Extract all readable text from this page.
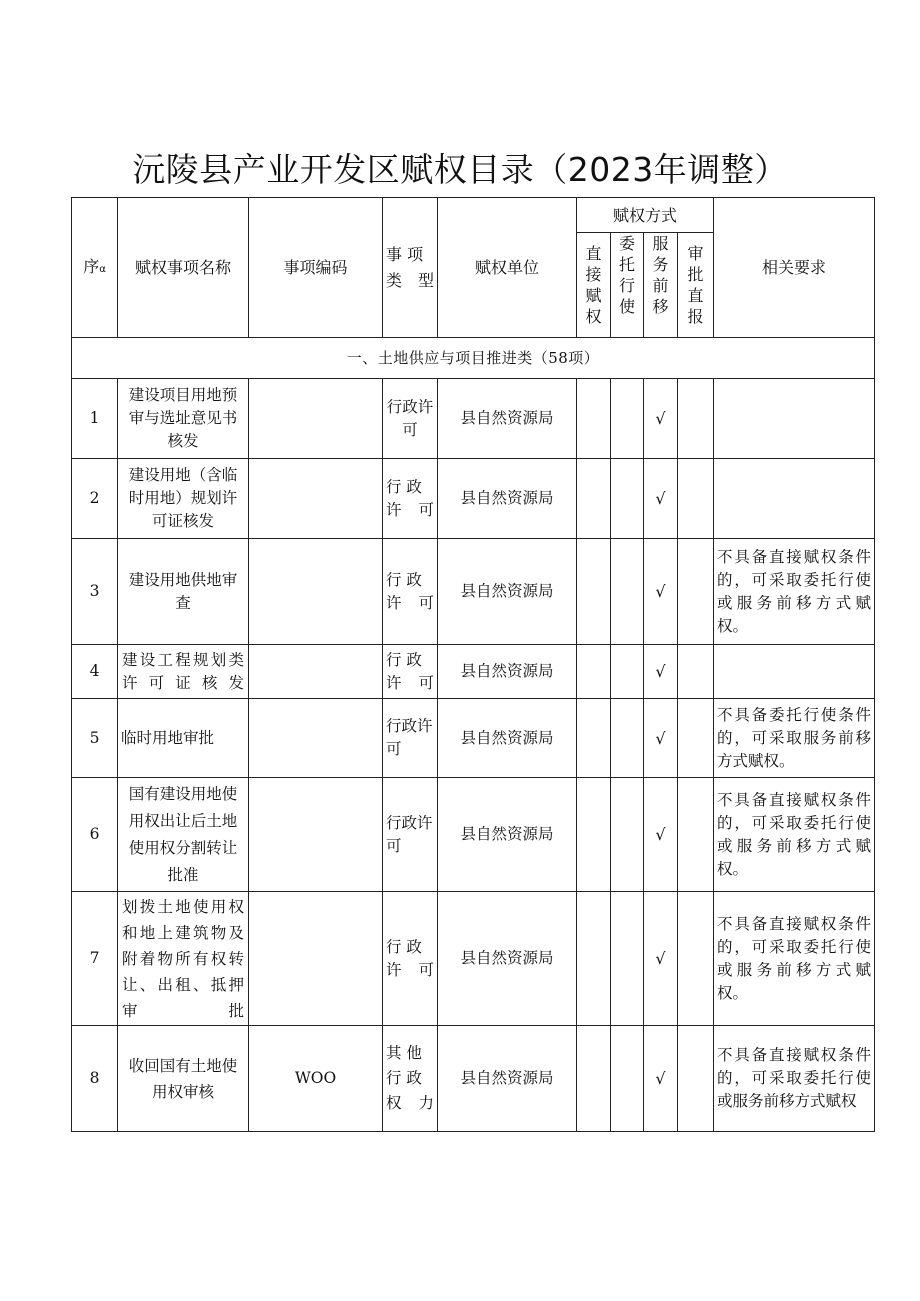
沅陵县产业开发区赋权目录（2023年调整）
序α	赋权事项名称	事项编码	事 项类型	赋权单位	赋权方式				相关要求
					直接赋权	委托行使	服务前移	审批直报	
一、土地供应与项目推进类（58项）									
1	建设项目用地预审与选址意见书核发		行政许可	县自然资源局			√		
2	建设用地（含临时用地）规划许可证核发		行 政许可	县自然资源局			√		
3	建设用地供地审查		行 政许可	县自然资源局			√		不具备直接赋权条件的，可采取委托行使或服务前移方式赋权。
4	建设工程规划类许可证核发		行 政许可	县自然资源局			√		
5	临时用地审批		行政许可	县自然资源局			√		不具备委托行使条件的，可采取服务前移方式赋权。
6	国有建设用地使用权出让后土地使用权分割转让批准		行政许可	县自然资源局			√		不具备直接赋权条件的，可采取委托行使或服务前移方式赋权。
7	划拨土地使用权和地上建筑物及附着物所有权转让、出租、抵押审批		行 政许可	县自然资源局			√		不具备直接赋权条件的，可采取委托行使或服务前移方式赋权。
8	收回国有土地使用权审核	WOO	其 他行 政权力	县自然资源局			√		不具备直接赋权条件的，可采取委托行使或服务前移方式赋权
